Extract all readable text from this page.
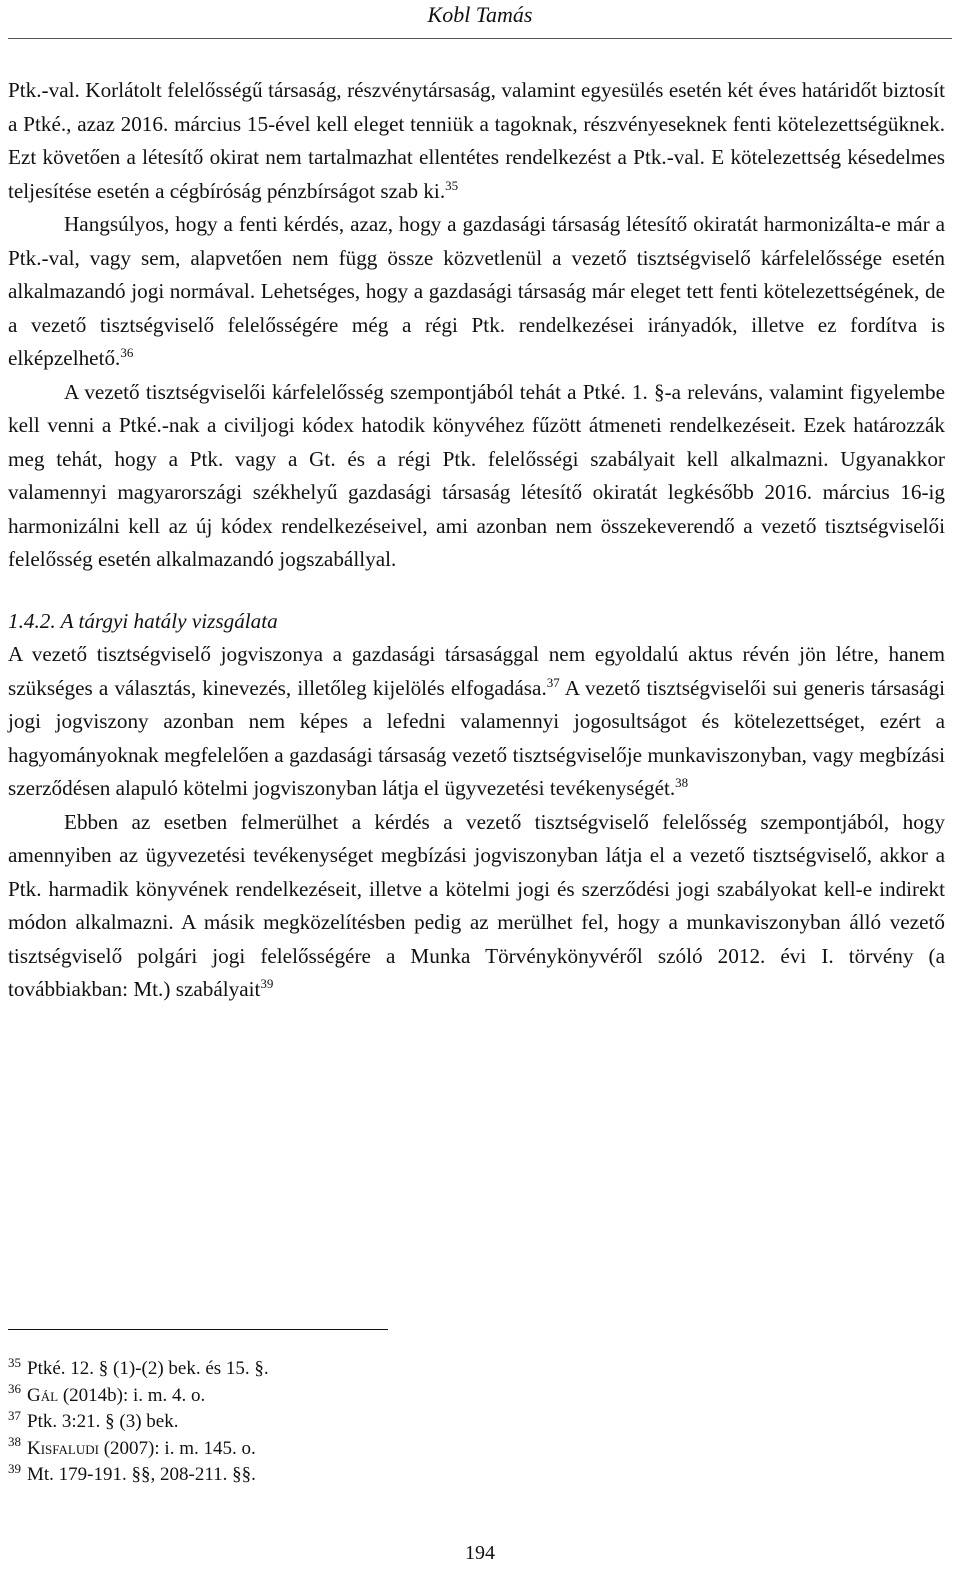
Kobl Tamás

Ptk.-val. Korlátolt felelősségű társaság, részvénytársaság, valamint egyesülés esetén két éves határidőt biztosít a Ptké., azaz 2016. március 15-ével kell eleget tenniük a tagoknak, részvényeseknek fenti kötelezettségüknek. Ezt követően a létesítő okirat nem tartalmazhat ellentétes rendelkezést a Ptk.-val. E kötelezettség késedelmes teljesítése esetén a cégbíróság pénzbírságot szab ki.$^{35}$

Hangsúlyos, hogy a fenti kérdés, azaz, hogy a gazdasági társaság létesítő okiratát harmonizálta-e már a Ptk.-val, vagy sem, alapvetően nem függ össze közvetlenül a vezető tisztségviselő kárfelelőssége esetén alkalmazandó jogi normával. Lehetséges, hogy a gazdasági társaság már eleget tett fenti kötelezettségének, de a vezető tisztségviselő felelősségére még a régi Ptk. rendelkezései irányadók, illetve ez fordítva is elképzelhető.$^{36}$

A vezető tisztségviselői kárfelelősség szempontjából tehát a Ptké. 1. §-a releváns, valamint figyelembe kell venni a Ptké.-nak a civiljogi kódex hatodik könyvéhez fűzött átmeneti rendelkezéseit. Ezek határozzák meg tehát, hogy a Ptk. vagy a Gt. és a régi Ptk. felelősségi szabályait kell alkalmazni. Ugyanakkor valamennyi magyarországi székhelyű gazdasági társaság létesítő okiratát legkésőbb 2016. március 16-ig harmonizálni kell az új kódex rendelkezéseivel, ami azonban nem összekeverendő a vezető tisztségviselői felelősség esetén alkalmazandó jogszabállyal.

1.4.2. A tárgyi hatály vizsgálata

A vezető tisztségviselő jogviszonya a gazdasági társasággal nem egyoldalú aktus révén jön létre, hanem szükséges a választás, kinevezés, illetőleg kijelölés elfogadása.$^{37}$ A vezető tisztségviselői sui generis társasági jogi jogviszony azonban nem képes a lefedni valamennyi jogosultságot és kötelezettséget, ezért a hagyományoknak megfelelően a gazdasági társaság vezető tisztségviselője munkaviszonyban, vagy megbízási szerződésen alapuló kötelmi jogviszonyban látja el ügyvezetési tevékenységét.$^{38}$

Ebben az esetben felmerülhet a kérdés a vezető tisztségviselő felelősség szempontjából, hogy amennyiben az ügyvezetési tevékenységet megbízási jogviszonyban látja el a vezető tisztségviselő, akkor a Ptk. harmadik könyvének rendelkezéseit, illetve a kötelmi jogi és szerződési jogi szabályokat kell-e indirekt módon alkalmazni. A másik megközelítésben pedig az merülhet fel, hogy a munkaviszonyban álló vezető tisztségviselő polgári jogi felelősségére a Munka Törvénykönyvéről szóló 2012. évi I. törvény (a továbbiakban: Mt.) szabályait$^{39}$

$^{35}$ Ptké. 12. § (1)-(2) bek. és 15. §.
$^{36}$ Gál (2014b): i. m. 4. o.
$^{37}$ Ptk. 3:21. § (3) bek.
$^{38}$ Kisfaludi (2007): i. m. 145. o.
$^{39}$ Mt. 179-191. §§, 208-211. §§.
194
